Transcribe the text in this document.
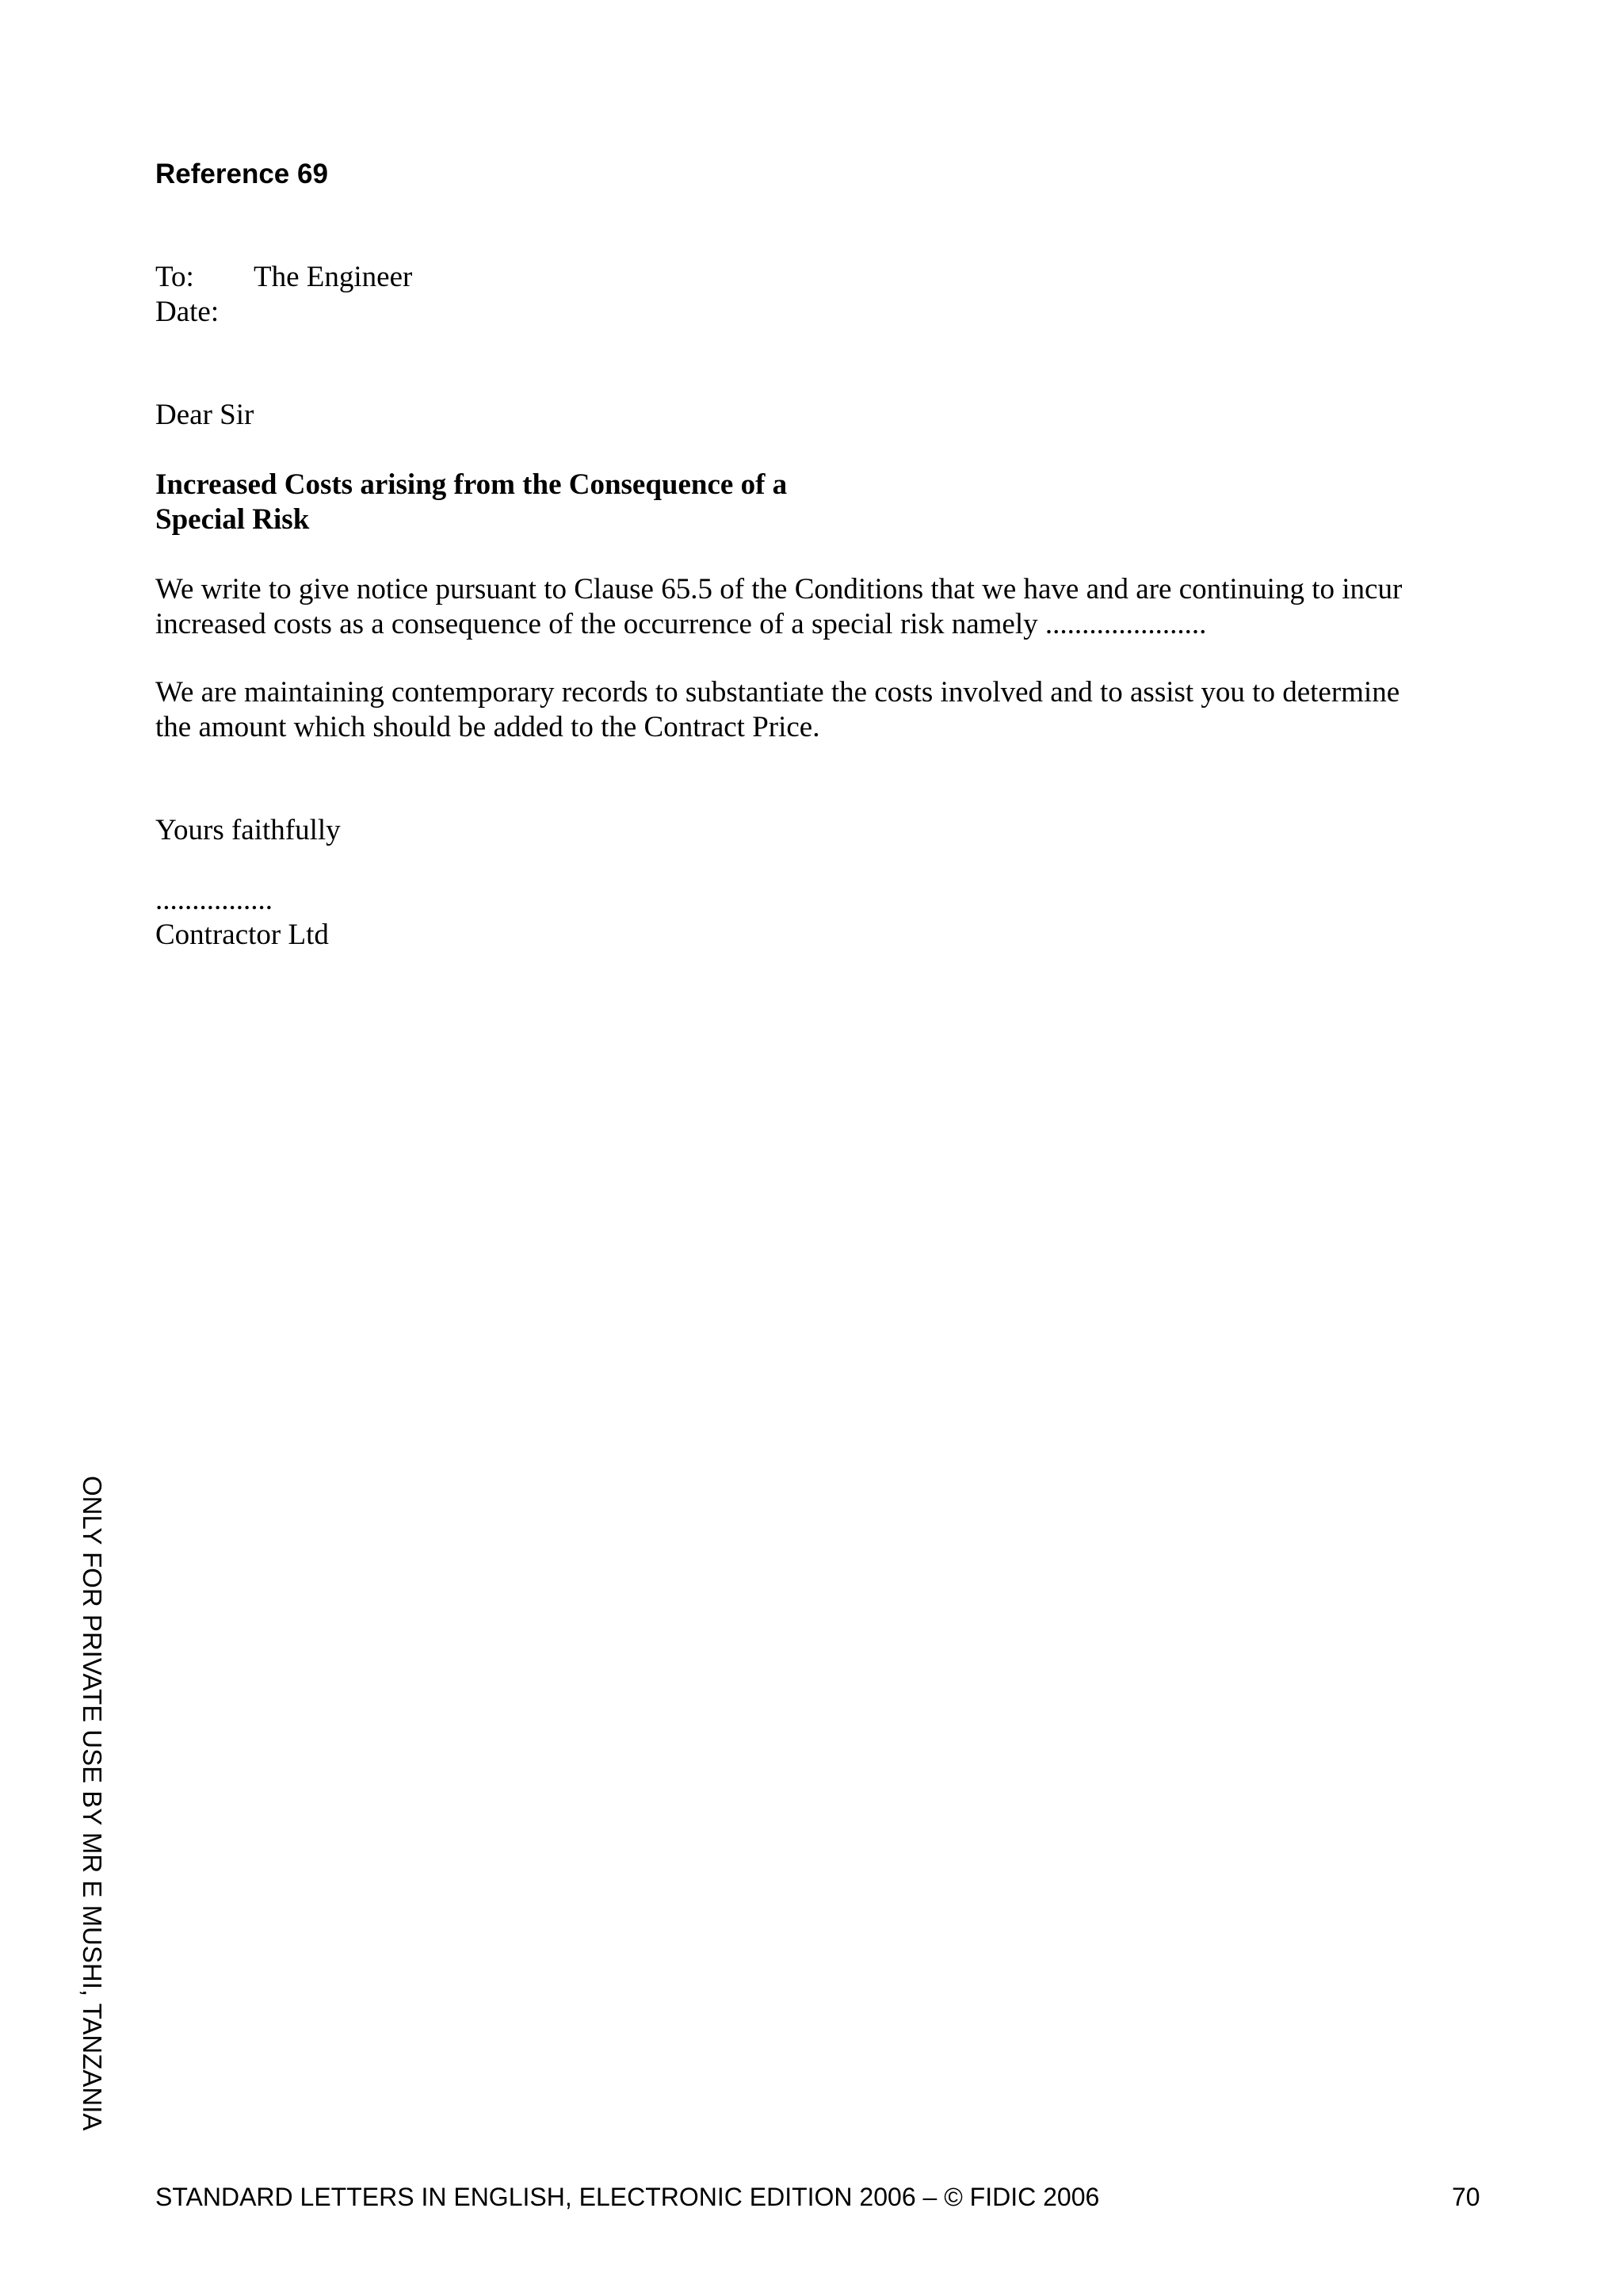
Reference 69
To: The Engineer
Date:
Dear Sir
Increased Costs arising from the Consequence of a
Special Risk
We write to give notice pursuant to Clause 65.5 of the Conditions that we have and are continuing to incur
increased costs as a consequence of the occurrence of a special risk namely ......................
We are maintaining contemporary records to substantiate the costs involved and to assist you to determine
the amount which should be added to the Contract Price.
Yours faithfully
................
Contractor Ltd
ONLY FOR PRIVATE USE BY MR E MUSHI, TANZANIA
STANDARD LETTERS IN ENGLISH, ELECTRONIC EDITION 2006 – © FIDIC 2006	70
